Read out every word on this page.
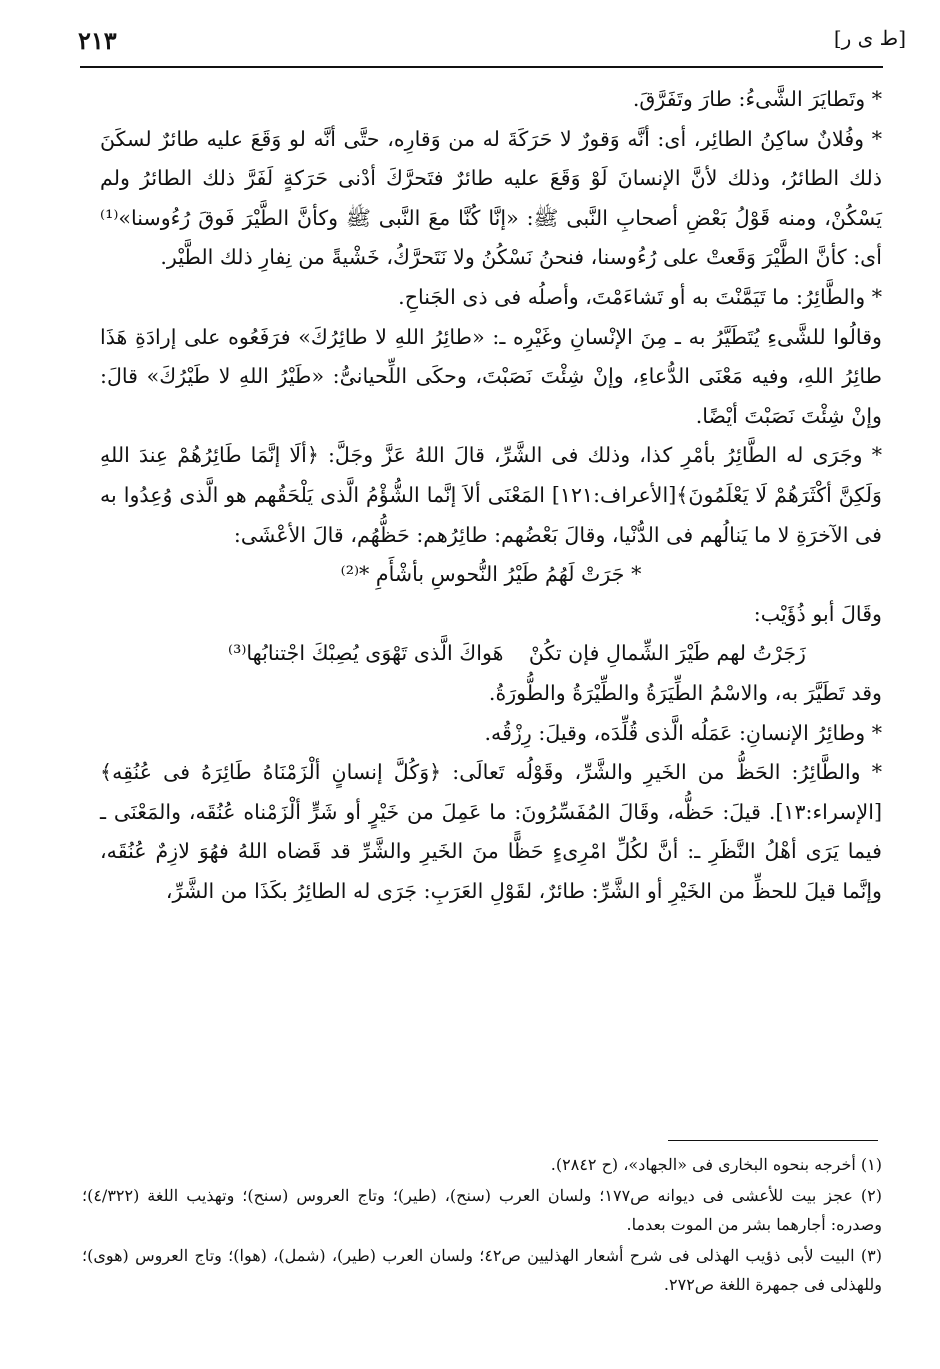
[ط ى ر]
٢١٣

* وتَطايَرَ الشَّىءُ: طارَ وتَفَرَّقَ.

* وفُلانٌ ساكِنُ الطائِر، أى: أنَّه وَقورٌ لا حَرَكَةَ له من وَقارِه، حتَّى أنَّه لو وَقَعَ عليه طائرٌ لسكَنَ ذلك الطائرُ، وذلك لأنَّ الإنسانَ لَوْ وَقَعَ عليه طائرٌ فتَحرَّكَ أدْنى حَرَكةٍ لَفَرَّ ذلك الطائرُ ولم يَسْكُنْ، ومنه قَوْلُ بَعْضِ أصحابِ النَّبى ﷺ: «إنَّا كُنَّا معَ النَّبى ﷺ وكأنَّ الطَّيْرَ فَوقَ رُءُوسنا»⁽¹⁾ أى: كأنَّ الطَّيْرَ وَقَعتْ على رُءُوسنا، فنحنُ نَسْكُنُ ولا نَتَحرَّكُ، خَشْيةً من نِفارِ ذلك الطَّيْر.

* والطَّائِرُ: ما تَيَمَّنْتَ به أو تَشاءَمْتَ، وأصلُه فى ذى الجَناحِ.

وقالُوا للشَّىءِ يُتَطَيَّرُ به ـ مِنَ الإنْسانِ وغَيْرِه ـ: «طائِرُ اللهِ لا طائِرُكَ» فرَفَعُوه على إرادَةِ هَذَا طائِرُ اللهِ، وفيه مَعْنَى الدُّعاءِ، وإنْ شِئْتَ نَصَبْتَ، وحكَى اللِّحيانىُّ: «طَيْرُ اللهِ لا طَيْرُكَ» قالَ: وإنْ شِئْتَ نَصَبْتَ أيْضًا.

* وجَرَى له الطَّائِرُ بأمْرِ كذا، وذلك فى الشَّرِّ، قالَ اللهُ عَزَّ وجَلَّ: ﴿ألَا إنَّمَا طَائِرُهُمْ عِندَ اللهِ وَلَكِنَّ أكْثَرَهُمْ لَا يَعْلَمُونَ﴾[الأعراف:١٢١] المَعْنَى ألاَ إنَّما الشُّؤْمُ الَّذى يَلْحَقُهم هو الَّذى وُعِدُوا به فى الآخرَةِ لا ما يَنالُهم فى الدُّنْيا، وقالَ بَعْضُهم: طائِرُهم: حَظُّهُم، قالَ الأعْشَى:

* جَرَتْ لَهُمُ طَيْرُ النُّحوسِ بأشْأَمِ *⁽²⁾

وقَالَ أبو ذُؤَيْب:

زَجَرْتُ لهم طَيْرَ الشِّمالِ فإن تكُنْ
هَواكَ الَّذى تَهْوَى يُصِبْكَ اجْتنابُها⁽³⁾

وقد تَطَيَّرَ به، والاسْمُ الطِّيَرَةُ والطِّيْرَةُ والطُّورَةُ.

* وطائِرُ الإنسانِ: عَمَلُه الَّذى قُلِّدَه، وقيلَ: رِزْقُه.

* والطَّائِرُ: الحَظُّ من الخَيرِ والشَّرِّ، وقَوْلُه تَعالَى: ﴿وَكُلَّ إنسانٍ ألْزَمْنَاهُ طَائِرَهُ فى عُنُقِه﴾ [الإسراء:١٣]. قيلَ: حَظُّه، وقَالَ المُفَسِّرُونَ: ما عَمِلَ من خَيْرٍ أو شَرٍّ ألْزَمْناه عُنُقَه، والمَعْنَى ـ فيما يَرَى أهْلُ النَّظَرِ ـ: أنَّ لكُلِّ امْرِىءٍ حَظًّا منَ الخَيرِ والشَّرِّ قد قَضاه اللهُ فهُوَ لازِمٌ عُنُقَه، وإنَّما قيلَ للحظِّ من الخَيْرِ أو الشَّرِّ: طائرٌ، لقَوْلِ العَرَبِ: جَرَى له الطائِرُ بكَذَا من الشَّرِّ،

(١) أخرجه بنحوه البخارى فى «الجهاد»، (ح ٢٨٤٢).

(٢) عجز بيت للأعشى فى ديوانه ص١٧٧؛ ولسان العرب (سنح)، (طير)؛ وتاج العروس (سنح)؛ وتهذيب اللغة (٤/٣٢٢)؛ وصدره: أجارهما بشر من الموت بعدما.

(٣) البيت لأبى ذؤيب الهذلى فى شرح أشعار الهذليين ص٤٢؛ ولسان العرب (طير)، (شمل)، (هوا)؛ وتاج العروس (هوى)؛ وللهذلى فى جمهرة اللغة ص٢٧٢.
